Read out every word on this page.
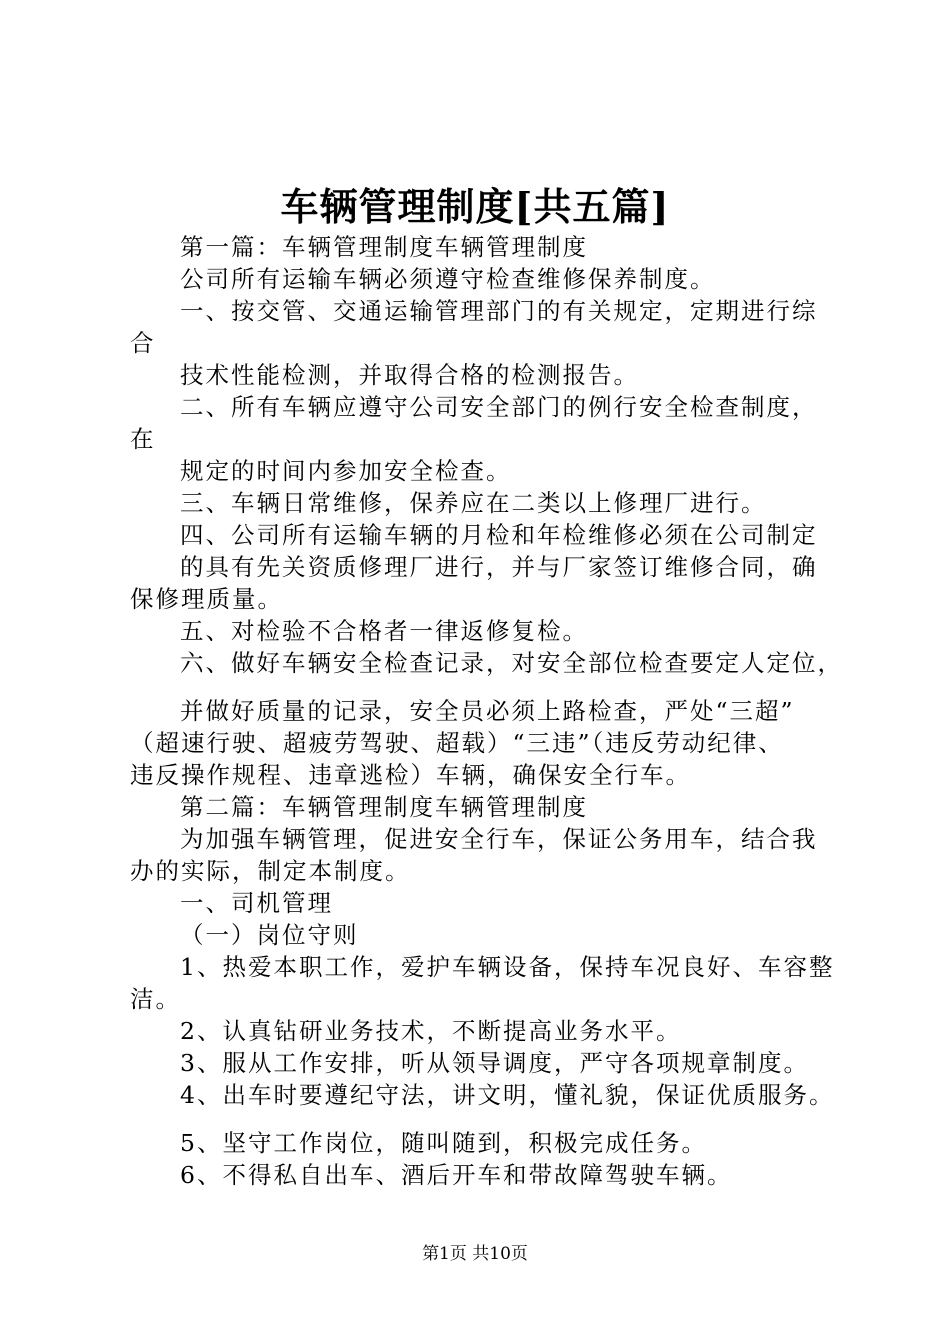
车辆管理制度[共五篇]
第一篇：车辆管理制度车辆管理制度
公司所有运输车辆必须遵守检查维修保养制度。
一、按交管、交通运输管理部门的有关规定，定期进行综
合
技术性能检测，并取得合格的检测报告。
二、所有车辆应遵守公司安全部门的例行安全检查制度，
在
规定的时间内参加安全检查。
三、车辆日常维修，保养应在二类以上修理厂进行。
四、公司所有运输车辆的月检和年检维修必须在公司制定
的具有先关资质修理厂进行，并与厂家签订维修合同，确
保修理质量。
五、对检验不合格者一律返修复检。
六、做好车辆安全检查记录，对安全部位检查要定人定位，
并做好质量的记录，安全员必须上路检查，严处“三超”
（超速行驶、超疲劳驾驶、超载）“三违”（违反劳动纪律、
违反操作规程、违章逃检）车辆，确保安全行车。
第二篇：车辆管理制度车辆管理制度
为加强车辆管理，促进安全行车，保证公务用车，结合我
办的实际，制定本制度。
一、司机管理
（一）岗位守则
1、热爱本职工作，爱护车辆设备，保持车况良好、车容整
洁。
2、认真钻研业务技术，不断提高业务水平。
3、服从工作安排，听从领导调度，严守各项规章制度。
4、出车时要遵纪守法，讲文明，懂礼貌，保证优质服务。
5、坚守工作岗位，随叫随到，积极完成任务。
6、不得私自出车、酒后开车和带故障驾驶车辆。
第1页 共10页
